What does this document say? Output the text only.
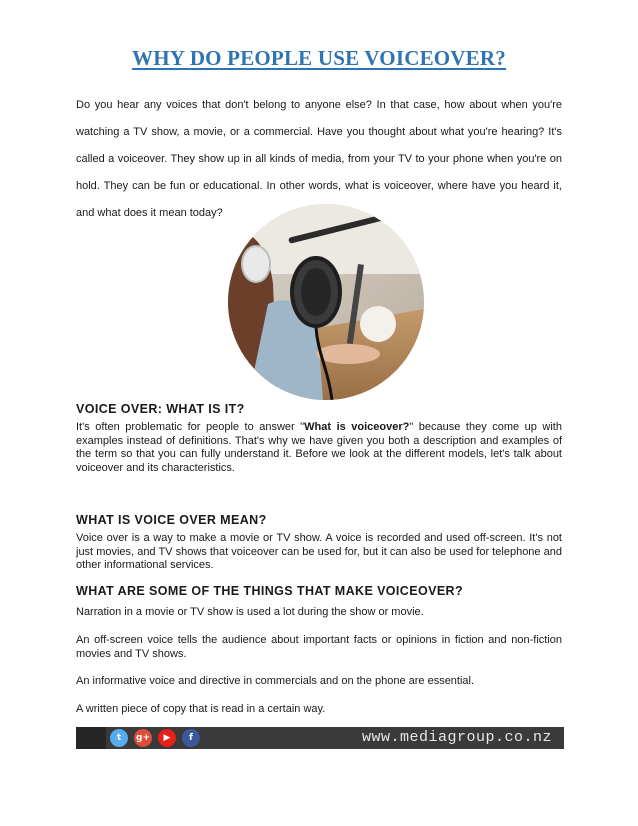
WHY DO PEOPLE USE VOICEOVER?

Do you hear any voices that don't belong to anyone else? In that case, how about when you're watching a TV show, a movie, or a commercial. Have you thought about what you're hearing? It's called a voiceover. They show up in all kinds of media, from your TV to your phone when you're on hold. They can be fun or educational. In other words, what is voiceover, where have you heard it, and what does it mean today?

VOICE OVER: WHAT IS IT?

It's often problematic for people to answer "What is voiceover?" because they come up with examples instead of definitions. That's why we have given you both a description and examples of the term so that you can fully understand it. Before we look at the different models, let's talk about voiceover and its characteristics.

WHAT IS VOICE OVER MEAN?

Voice over is a way to make a movie or TV show. A voice is recorded and used off-screen. It's not just movies, and TV shows that voiceover can be used for, but it can also be used for telephone and other informational services.

WHAT ARE SOME OF THE THINGS THAT MAKE VOICEOVER?

Narration in a movie or TV show is used a lot during the show or movie.

An off-screen voice tells the audience about important facts or opinions in fiction and non-fiction movies and TV shows.

An informative voice and directive in commercials and on the phone are essential.

A written piece of copy that is read in a certain way.

t	g+	▶	f	www.mediagroup.co.nz
